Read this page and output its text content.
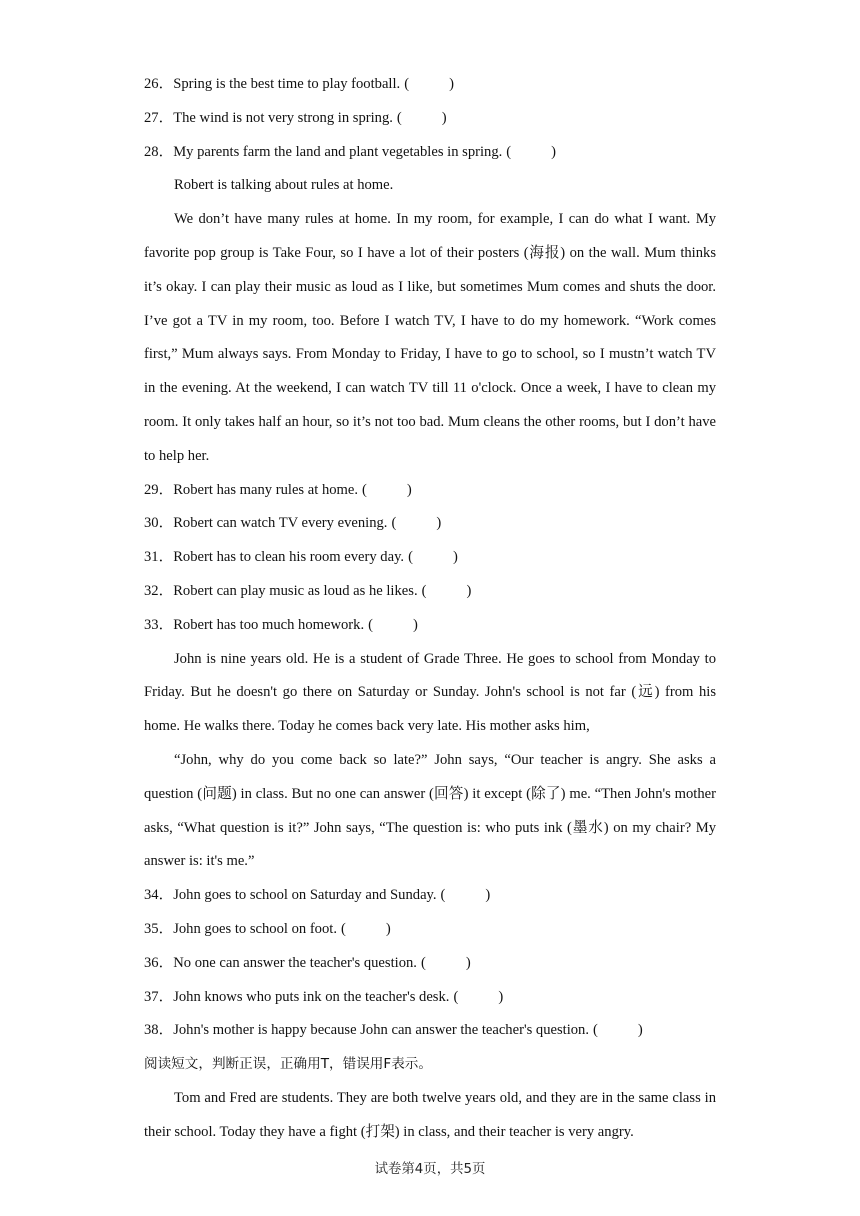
26．Spring is the best time to play football. (	)
27．The wind is not very strong in spring. (	)
28．My parents farm the land and plant vegetables in spring. (	)
Robert is talking about rules at home.

We don’t have many rules at home. In my room, for example, I can do what I want. My favorite pop group is Take Four, so I have a lot of their posters (海报) on the wall. Mum thinks it’s okay. I can play their music as loud as I like, but sometimes Mum comes and shuts the door. I’ve got a TV in my room, too. Before I watch TV, I have to do my homework. “Work comes first,” Mum always says. From Monday to Friday, I have to go to school, so I mustn’t watch TV in the evening. At the weekend, I can watch TV till 11 o'clock. Once a week, I have to clean my room. It only takes half an hour, so it’s not too bad. Mum cleans the other rooms, but I don’t have to help her.

29．Robert has many rules at home. (	)
30．Robert can watch TV every evening. (	)
31．Robert has to clean his room every day. (	)
32．Robert can play music as loud as he likes. (	)
33．Robert has too much homework. (	)

John is nine years old. He is a student of Grade Three. He goes to school from Monday to Friday. But he doesn't go there on Saturday or Sunday. John's school is not far (远) from his home. He walks there. Today he comes back very late. His mother asks him,

“John, why do you come back so late?” John says, “Our teacher is angry. She asks a question (问题) in class. But no one can answer (回答) it except (除了) me. “Then John's mother asks, “What question is it?” John says, “The question is: who puts ink (墨水) on my chair? My answer is: it's me.”

34．John goes to school on Saturday and Sunday. (	)
35．John goes to school on foot. (	)
36．No one can answer the teacher's question. (	)
37．John knows who puts ink on the teacher's desk. (	)
38．John's mother is happy because John can answer the teacher's question. (	)
阅读短文，判断正误，正确用T，错误用F表示。

Tom and Fred are students. They are both twelve years old, and they are in the same class in their school. Today they have a fight (打架) in class, and their teacher is very angry.

试卷第4页，共5页
